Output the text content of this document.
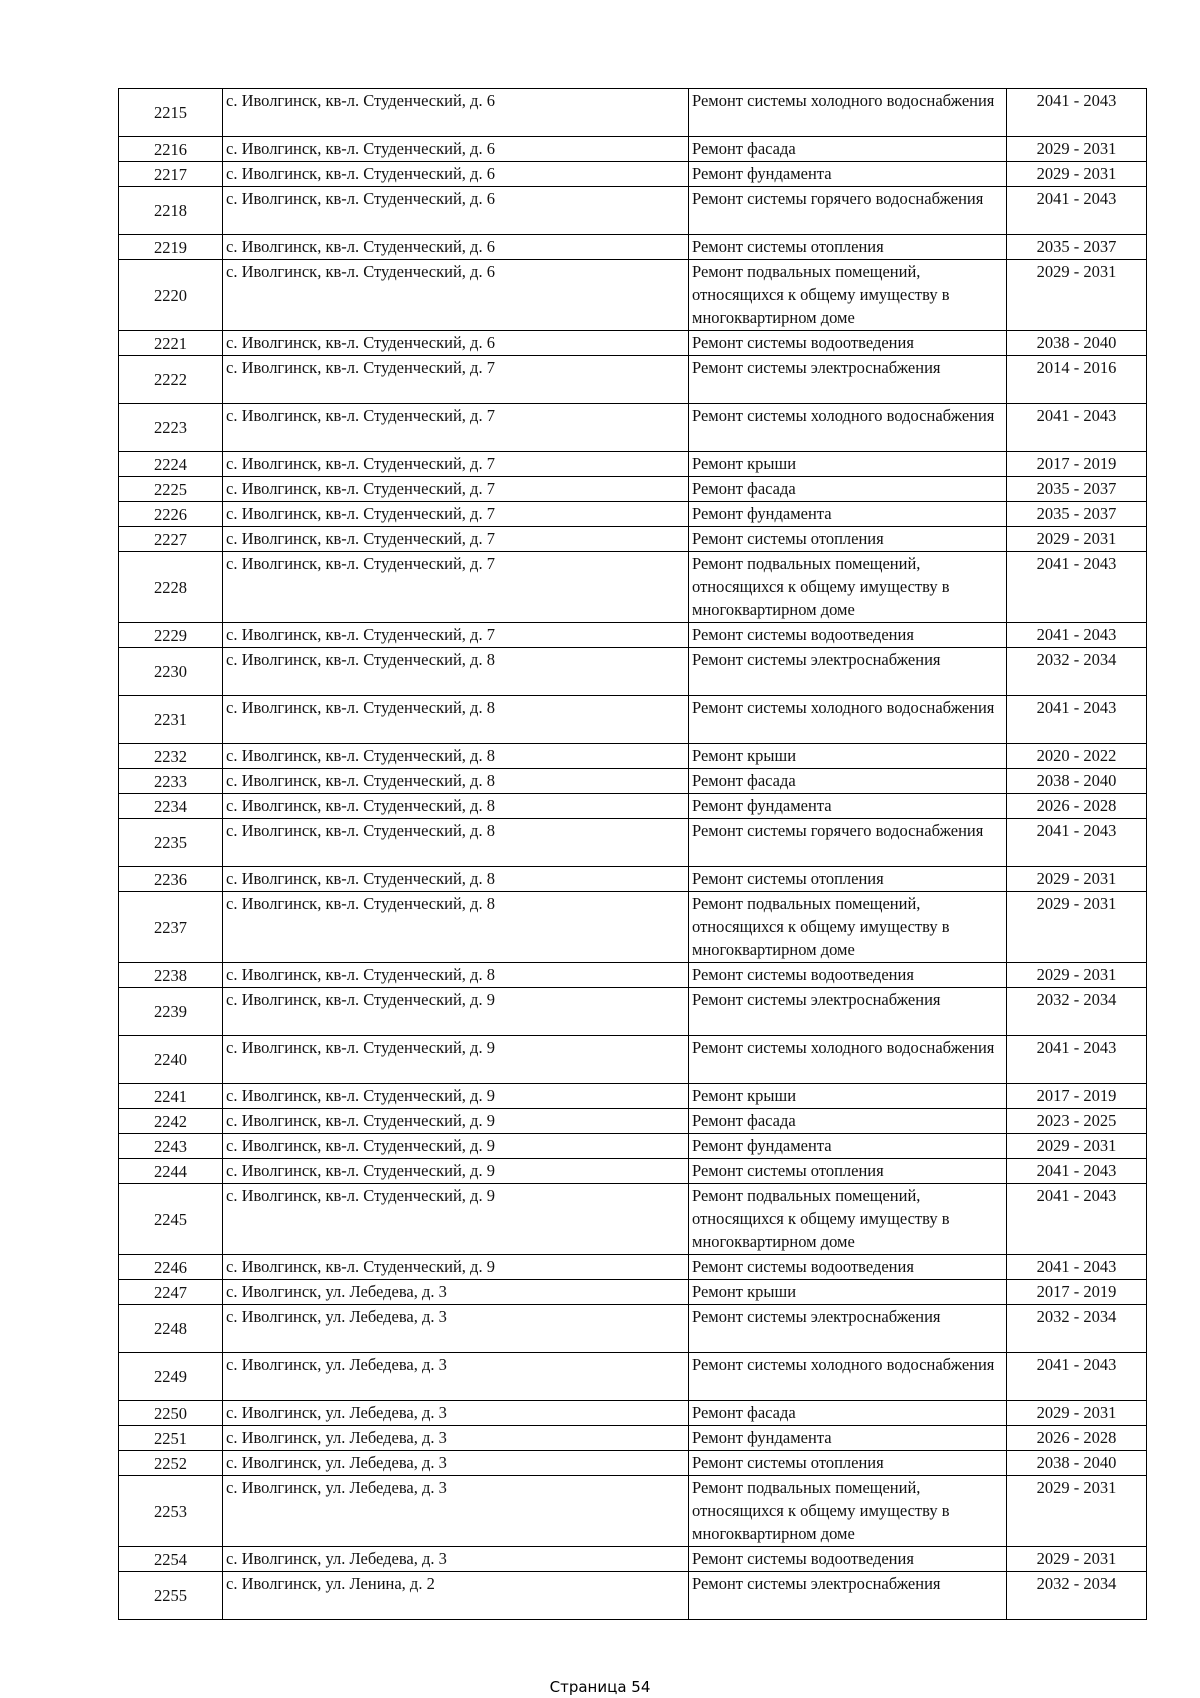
2215	с. Иволгинск, кв-л. Студенческий, д. 6	Ремонт системы холодного водоснабжения	2041 - 2043
2216	с. Иволгинск, кв-л. Студенческий, д. 6	Ремонт фасада	2029 - 2031
2217	с. Иволгинск, кв-л. Студенческий, д. 6	Ремонт фундамента	2029 - 2031
2218	с. Иволгинск, кв-л. Студенческий, д. 6	Ремонт системы горячего водоснабжения	2041 - 2043
2219	с. Иволгинск, кв-л. Студенческий, д. 6	Ремонт системы отопления	2035 - 2037
2220	с. Иволгинск, кв-л. Студенческий, д. 6	Ремонт подвальных помещений, относящихся к общему имуществу в многоквартирном доме	2029 - 2031
2221	с. Иволгинск, кв-л. Студенческий, д. 6	Ремонт системы водоотведения	2038 - 2040
2222	с. Иволгинск, кв-л. Студенческий, д. 7	Ремонт системы электроснабжения	2014 - 2016
2223	с. Иволгинск, кв-л. Студенческий, д. 7	Ремонт системы холодного водоснабжения	2041 - 2043
2224	с. Иволгинск, кв-л. Студенческий, д. 7	Ремонт крыши	2017 - 2019
2225	с. Иволгинск, кв-л. Студенческий, д. 7	Ремонт фасада	2035 - 2037
2226	с. Иволгинск, кв-л. Студенческий, д. 7	Ремонт фундамента	2035 - 2037
2227	с. Иволгинск, кв-л. Студенческий, д. 7	Ремонт системы отопления	2029 - 2031
2228	с. Иволгинск, кв-л. Студенческий, д. 7	Ремонт подвальных помещений, относящихся к общему имуществу в многоквартирном доме	2041 - 2043
2229	с. Иволгинск, кв-л. Студенческий, д. 7	Ремонт системы водоотведения	2041 - 2043
2230	с. Иволгинск, кв-л. Студенческий, д. 8	Ремонт системы электроснабжения	2032 - 2034
2231	с. Иволгинск, кв-л. Студенческий, д. 8	Ремонт системы холодного водоснабжения	2041 - 2043
2232	с. Иволгинск, кв-л. Студенческий, д. 8	Ремонт крыши	2020 - 2022
2233	с. Иволгинск, кв-л. Студенческий, д. 8	Ремонт фасада	2038 - 2040
2234	с. Иволгинск, кв-л. Студенческий, д. 8	Ремонт фундамента	2026 - 2028
2235	с. Иволгинск, кв-л. Студенческий, д. 8	Ремонт системы горячего водоснабжения	2041 - 2043
2236	с. Иволгинск, кв-л. Студенческий, д. 8	Ремонт системы отопления	2029 - 2031
2237	с. Иволгинск, кв-л. Студенческий, д. 8	Ремонт подвальных помещений, относящихся к общему имуществу в многоквартирном доме	2029 - 2031
2238	с. Иволгинск, кв-л. Студенческий, д. 8	Ремонт системы водоотведения	2029 - 2031
2239	с. Иволгинск, кв-л. Студенческий, д. 9	Ремонт системы электроснабжения	2032 - 2034
2240	с. Иволгинск, кв-л. Студенческий, д. 9	Ремонт системы холодного водоснабжения	2041 - 2043
2241	с. Иволгинск, кв-л. Студенческий, д. 9	Ремонт крыши	2017 - 2019
2242	с. Иволгинск, кв-л. Студенческий, д. 9	Ремонт фасада	2023 - 2025
2243	с. Иволгинск, кв-л. Студенческий, д. 9	Ремонт фундамента	2029 - 2031
2244	с. Иволгинск, кв-л. Студенческий, д. 9	Ремонт системы отопления	2041 - 2043
2245	с. Иволгинск, кв-л. Студенческий, д. 9	Ремонт подвальных помещений, относящихся к общему имуществу в многоквартирном доме	2041 - 2043
2246	с. Иволгинск, кв-л. Студенческий, д. 9	Ремонт системы водоотведения	2041 - 2043
2247	с. Иволгинск, ул. Лебедева, д. 3	Ремонт крыши	2017 - 2019
2248	с. Иволгинск, ул. Лебедева, д. 3	Ремонт системы электроснабжения	2032 - 2034
2249	с. Иволгинск, ул. Лебедева, д. 3	Ремонт системы холодного водоснабжения	2041 - 2043
2250	с. Иволгинск, ул. Лебедева, д. 3	Ремонт фасада	2029 - 2031
2251	с. Иволгинск, ул. Лебедева, д. 3	Ремонт фундамента	2026 - 2028
2252	с. Иволгинск, ул. Лебедева, д. 3	Ремонт системы отопления	2038 - 2040
2253	с. Иволгинск, ул. Лебедева, д. 3	Ремонт подвальных помещений, относящихся к общему имуществу в многоквартирном доме	2029 - 2031
2254	с. Иволгинск, ул. Лебедева, д. 3	Ремонт системы водоотведения	2029 - 2031
2255	с. Иволгинск, ул. Ленина, д. 2	Ремонт системы электроснабжения	2032 - 2034
Страница 54
